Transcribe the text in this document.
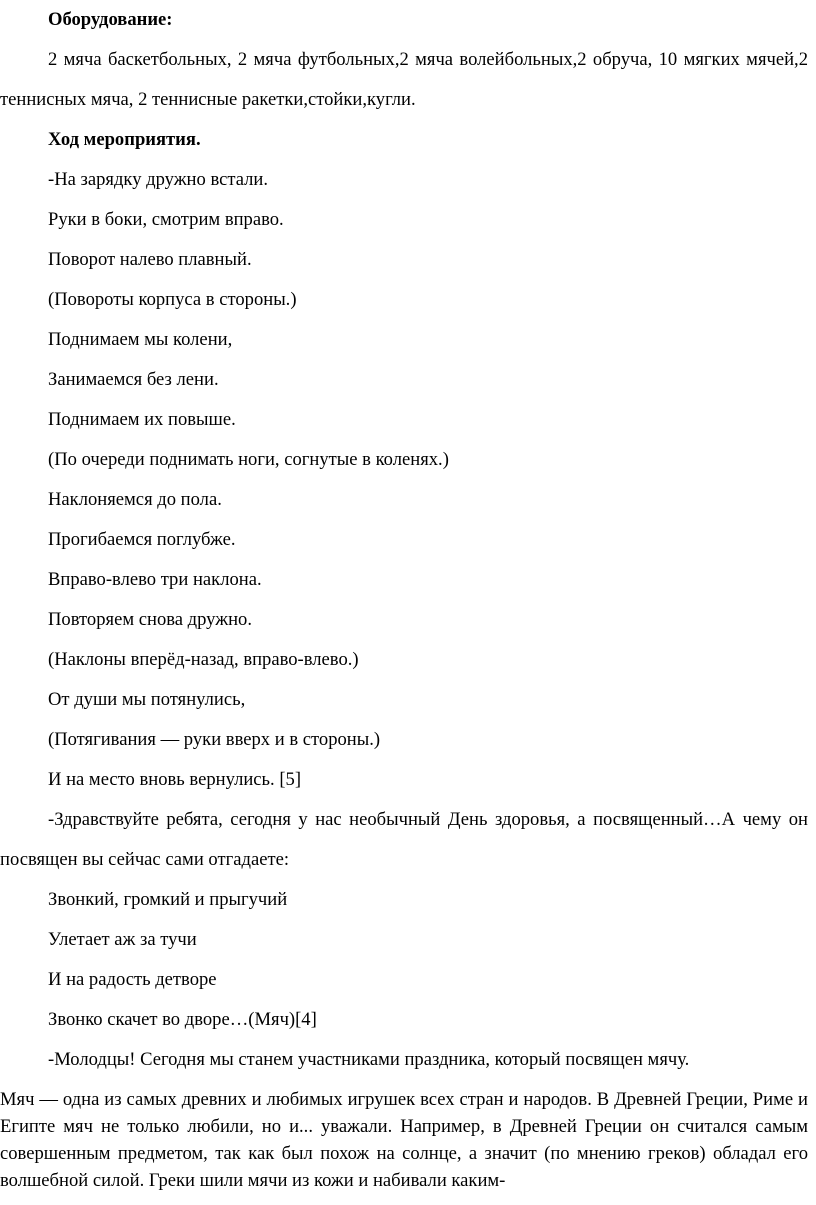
Оборудование:

2 мяча баскетбольных, 2 мяча футбольных,2 мяча волейбольных,2 обруча, 10 мягких мячей,2 теннисных мяча, 2 теннисные ракетки,стойки,кугли.

Ход мероприятия.

-На зарядку дружно встали.

Руки в боки, смотрим вправо.

Поворот налево плавный.

(Повороты корпуса в стороны.)

Поднимаем мы колени,

Занимаемся без лени.

Поднимаем их повыше.

(По очереди поднимать ноги, согнутые в коленях.)

Наклоняемся до пола.

Прогибаемся поглубже.

Вправо-влево три наклона.

Повторяем снова дружно.

(Наклоны вперёд-назад, вправо-влево.)

От души мы потянулись,

(Потягивания — руки вверх и в стороны.)

И на место вновь вернулись. [5]

-Здравствуйте ребята, сегодня у нас необычный День здоровья, а посвященный…А чему он посвящен вы сейчас сами отгадаете:

Звонкий, громкий и прыгучий

Улетает аж за тучи

И на радость детворе

Звонко скачет во дворе…(Мяч)[4]

-Молодцы! Сегодня мы станем участниками праздника, который посвящен мячу.

Мяч — одна из самых древних и любимых игрушек всех стран и народов. В Древней Греции, Риме и Египте мяч не только любили, но и... уважали. Например, в Древней Греции он считался самым совершенным предметом, так как был похож на солнце, а значит (по мнению греков) обладал его волшебной силой. Греки шили мячи из кожи и набивали каким-
